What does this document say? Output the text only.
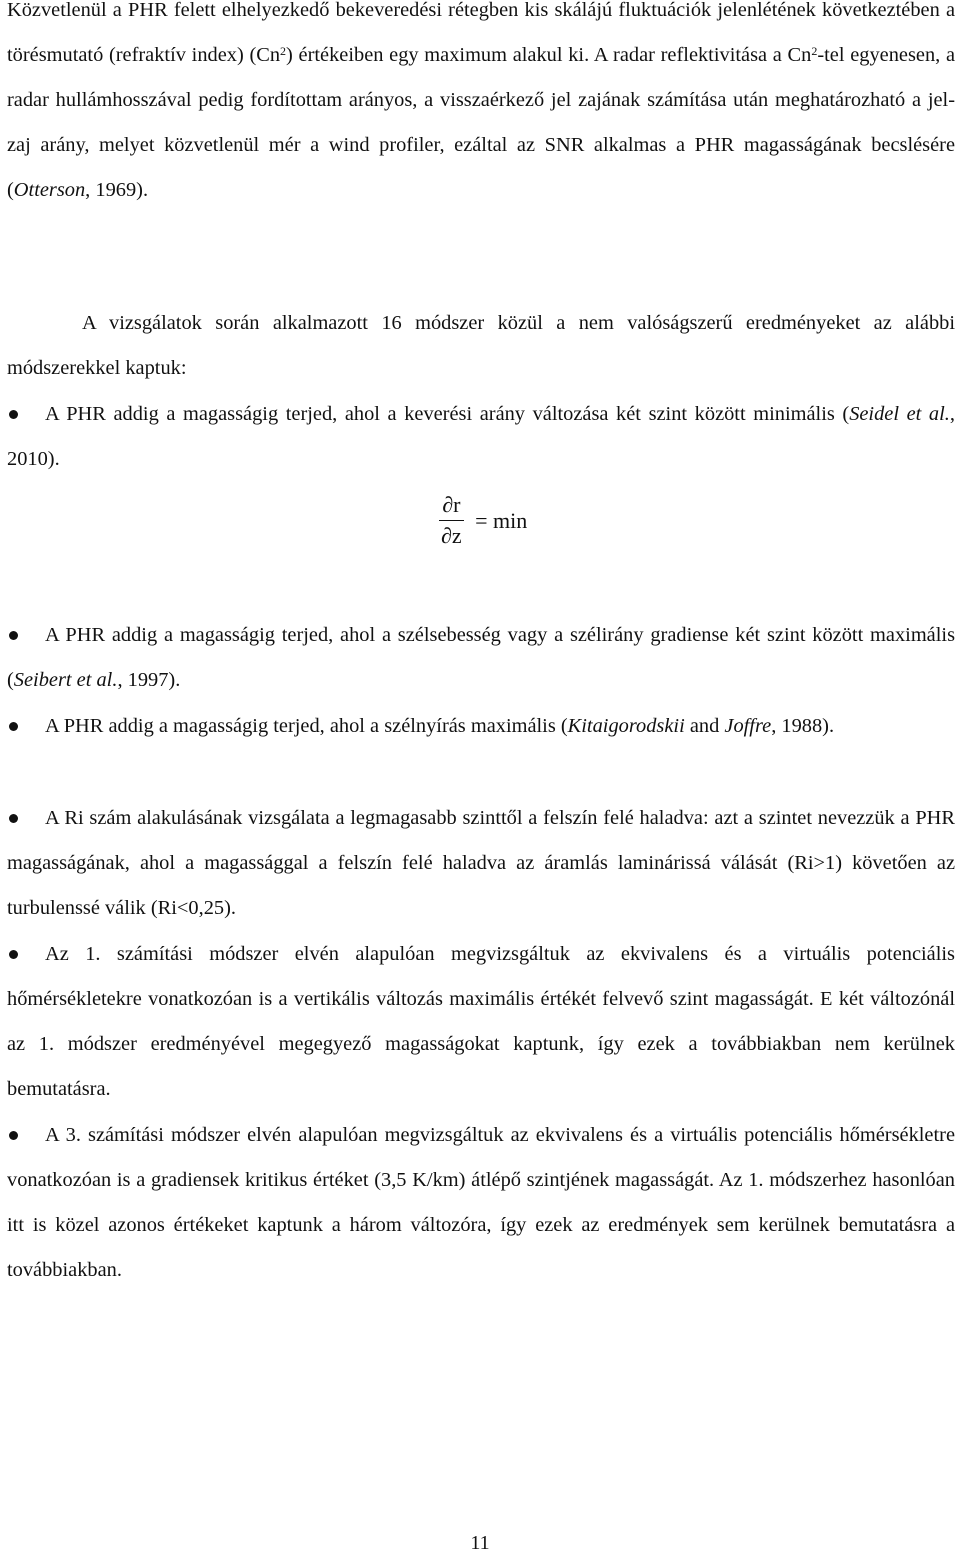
Közvetlenül a PHR felett elhelyezkedő bekeveredési rétegben kis skálájú fluktuációk jelenlétének következtében a törésmutató (refraktív index) (Cn$^2$) értékeiben egy maximum alakul ki. A radar reflektivitása a Cn$^2$-tel egyenesen, a radar hullámhosszával pedig fordítottam arányos, a visszaérkező jel zajának számítása után meghatározható a jel-zaj arány, melyet közvetlenül mér a wind profiler, ezáltal az SNR alkalmas a PHR magasságának becslésére (Otterson, 1969).

A vizsgálatok során alkalmazott 16 módszer közül a nem valóságszerű eredményeket az alábbi módszerekkel kaptuk:

A PHR addig a magasságig terjed, ahol a keverési arány változása két szint között minimális (Seidel et al., 2010).

$\frac{\partial r}{\partial z} = \min$

A PHR addig a magasságig terjed, ahol a szélsebesség vagy a szélirány gradiense két szint között maximális (Seibert et al., 1997).

A PHR addig a magasságig terjed, ahol a szélnyírás maximális (Kitaigorodskii and Joffre, 1988).

A Ri szám alakulásának vizsgálata a legmagasabb szinttől a felszín felé haladva: azt a szintet nevezzük a PHR magasságának, ahol a magassággal a felszín felé haladva az áramlás laminárissá válását (Ri>1) követően az turbulenssé válik (Ri<0,25).

Az 1. számítási módszer elvén alapulóan megvizsgáltuk az ekvivalens és a virtuális potenciális hőmérsékletekre vonatkozóan is a vertikális változás maximális értékét felvevő szint magasságát. E két változónál az 1. módszer eredményével megegyező magasságokat kaptunk, így ezek a továbbiakban nem kerülnek bemutatásra.

A 3. számítási módszer elvén alapulóan megvizsgáltuk az ekvivalens és a virtuális potenciális hőmérsékletre vonatkozóan is a gradiensek kritikus értéket (3,5 K/km) átlépő szintjének magasságát. Az 1. módszerhez hasonlóan itt is közel azonos értékeket kaptunk a három változóra, így ezek az eredmények sem kerülnek bemutatásra a továbbiakban.

11
